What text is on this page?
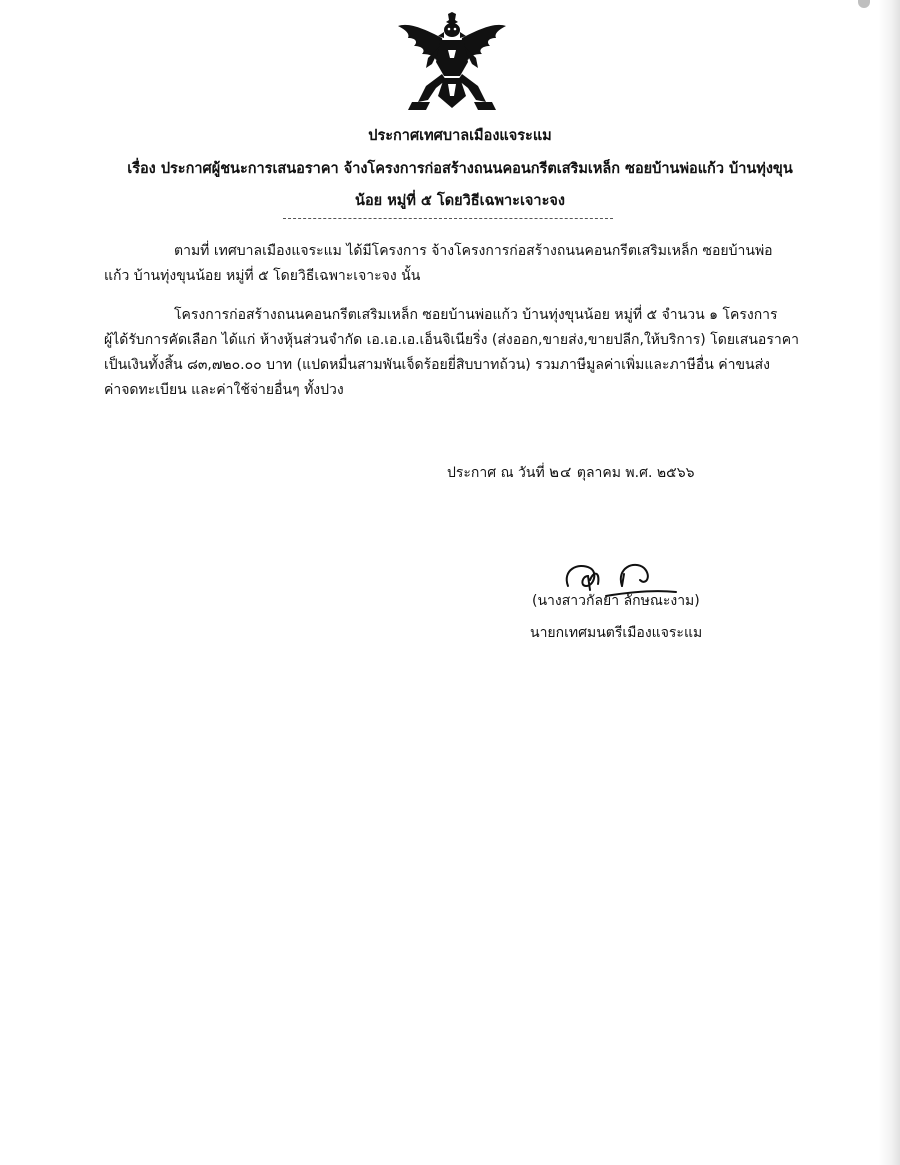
ประกาศเทศบาลเมืองแจระแม
เรื่อง ประกาศผู้ชนะการเสนอราคา จ้างโครงการก่อสร้างถนนคอนกรีตเสริมเหล็ก ซอยบ้านพ่อแก้ว บ้านทุ่งขุน
น้อย หมู่ที่ ๕ โดยวิธีเฉพาะเจาะจง
ตามที่ เทศบาลเมืองแจระแม ได้มีโครงการ จ้างโครงการก่อสร้างถนนคอนกรีตเสริมเหล็ก ซอยบ้านพ่อ
แก้ว บ้านทุ่งขุนน้อย หมู่ที่ ๕ โดยวิธีเฉพาะเจาะจง นั้น
โครงการก่อสร้างถนนคอนกรีตเสริมเหล็ก ซอยบ้านพ่อแก้ว บ้านทุ่งขุนน้อย หมู่ที่ ๕ จำนวน ๑ โครงการ
ผู้ได้รับการคัดเลือก ได้แก่ ห้างหุ้นส่วนจำกัด เอ.เอ.เอ.เอ็นจิเนียริ่ง (ส่งออก,ขายส่ง,ขายปลีก,ให้บริการ) โดยเสนอราคา
เป็นเงินทั้งสิ้น ๘๓,๗๒๐.๐๐ บาท (แปดหมื่นสามพันเจ็ดร้อยยี่สิบบาทถ้วน) รวมภาษีมูลค่าเพิ่มและภาษีอื่น ค่าขนส่ง
ค่าจดทะเบียน และค่าใช้จ่ายอื่นๆ ทั้งปวง
ประกาศ ณ วันที่ ๒๔ ตุลาคม พ.ศ. ๒๕๖๖
(นางสาวกัลยา ลักษณะงาม)
นายกเทศมนตรีเมืองแจระแม
